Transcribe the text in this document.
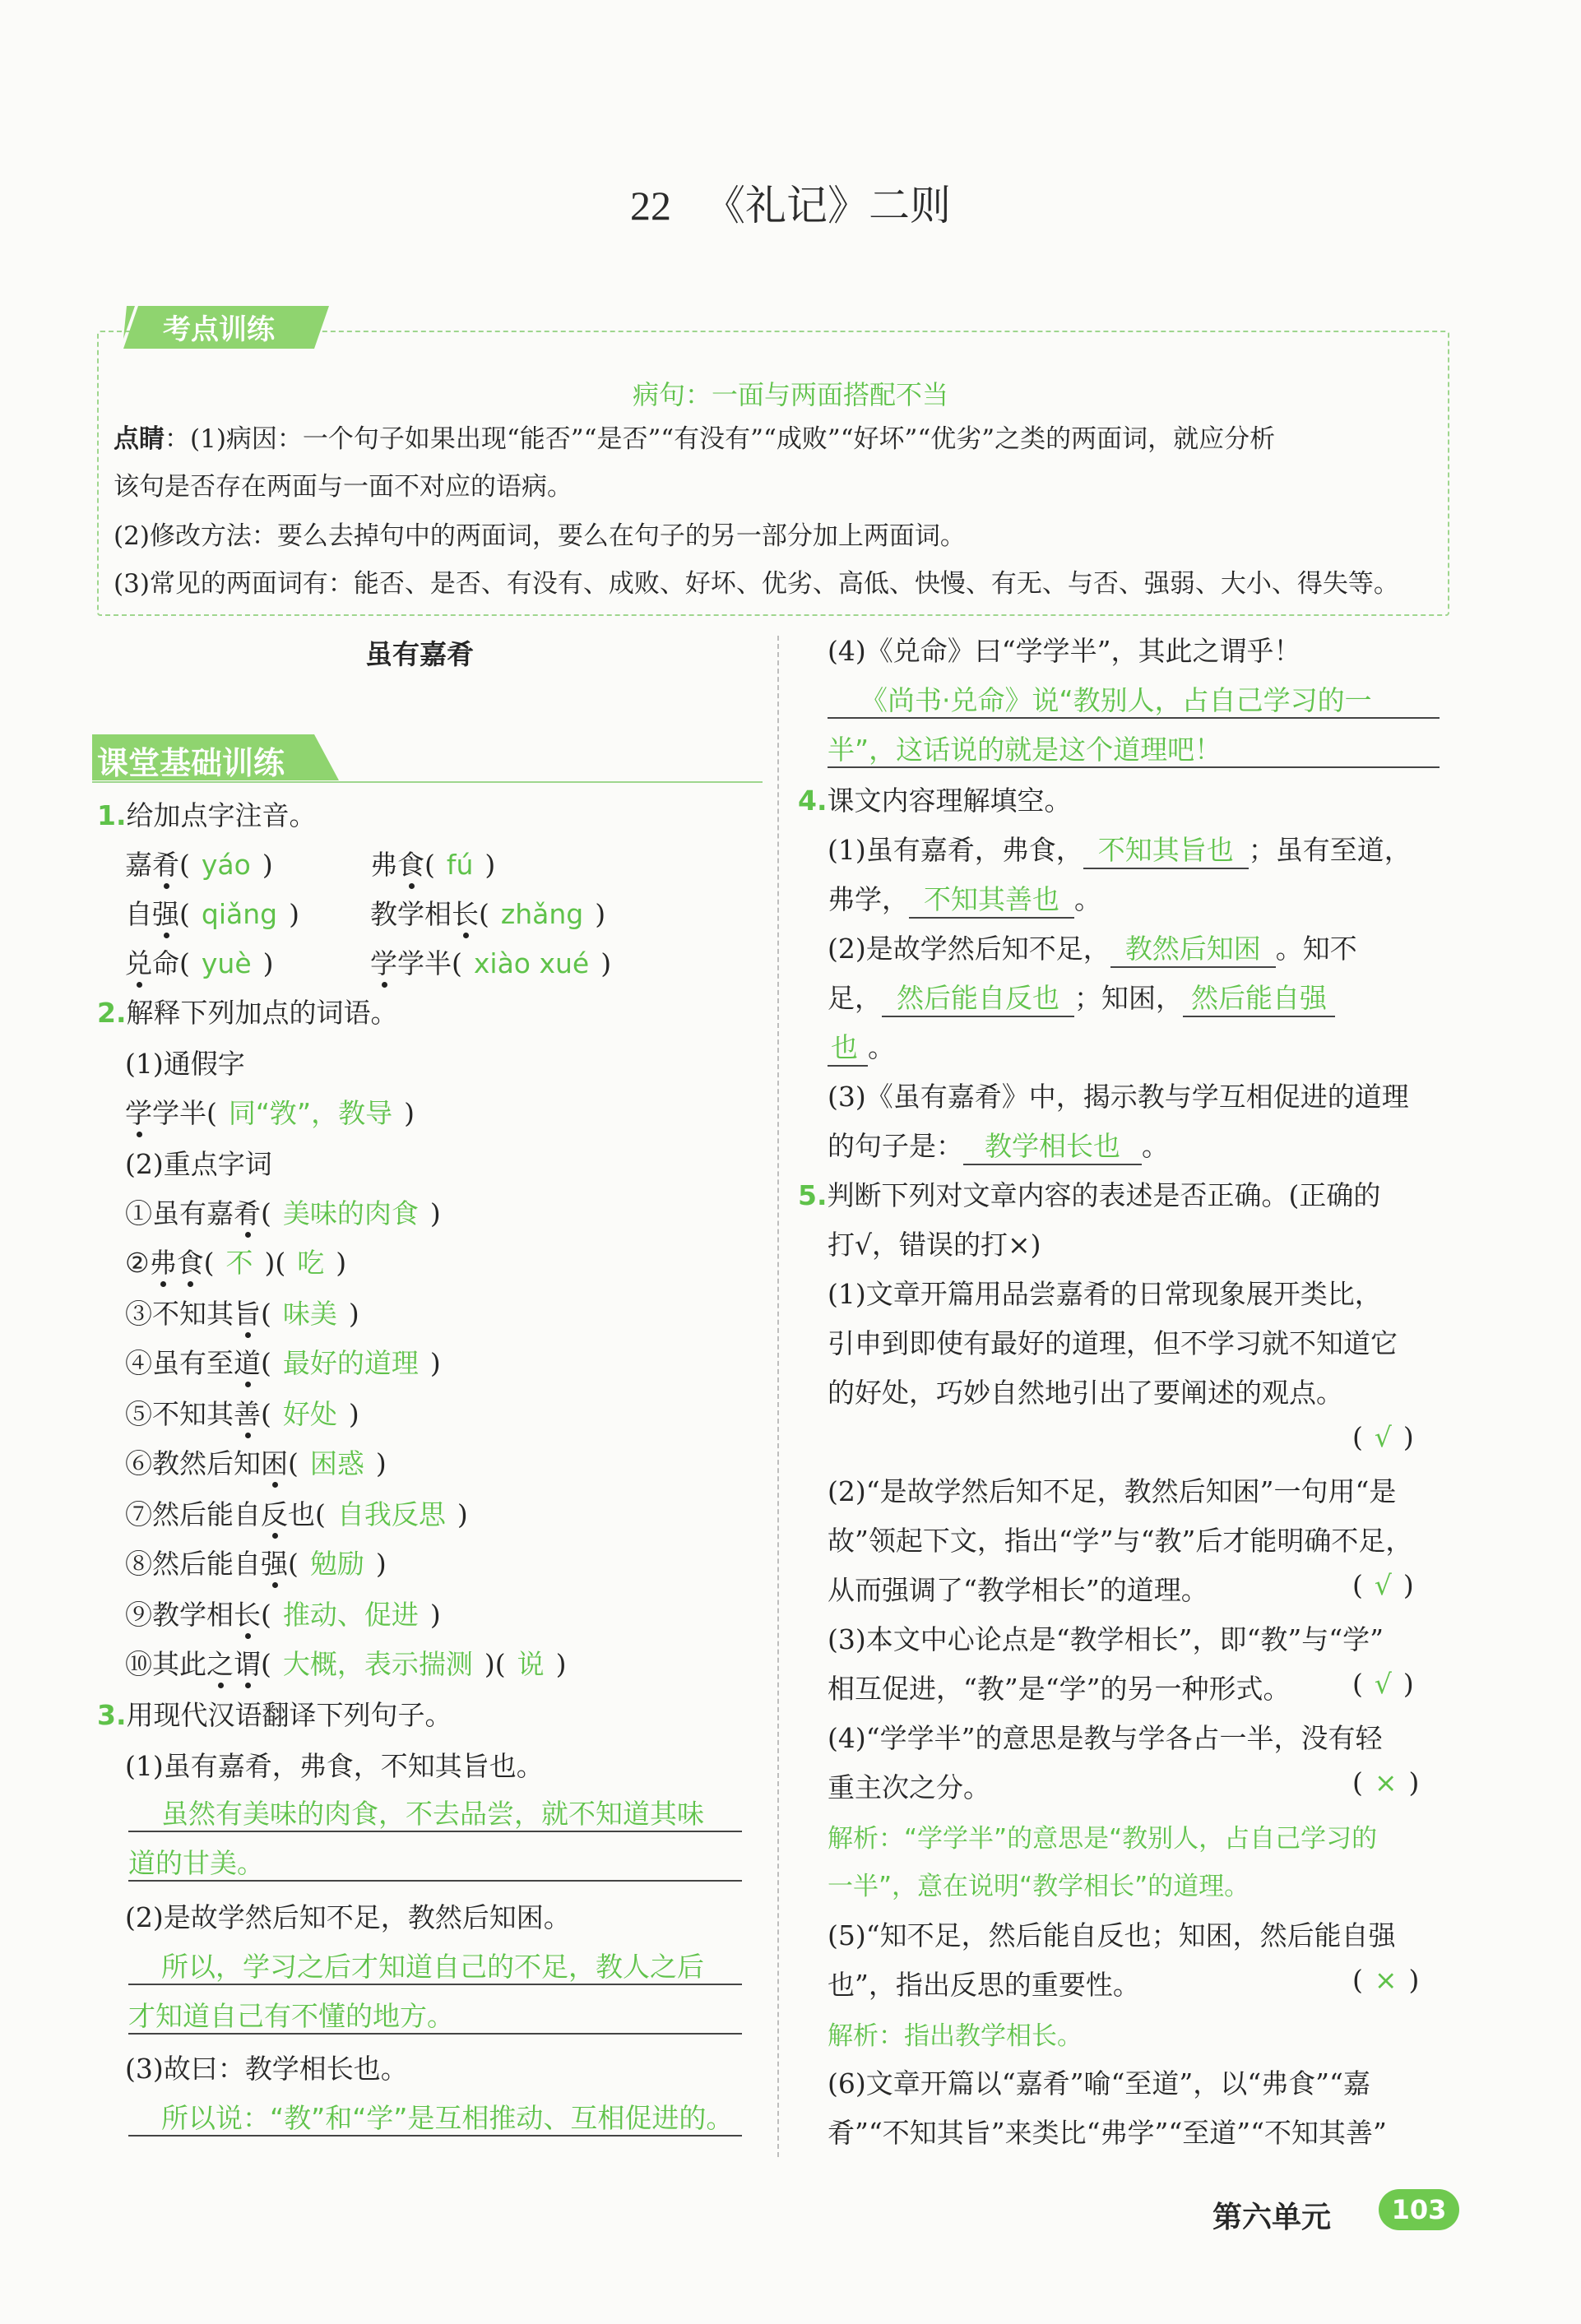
22 《礼记》二则
考点训练
病句：一面与两面搭配不当
点睛：(1)病因：一个句子如果出现“能否”“是否”“有没有”“成败”“好坏”“优劣”之类的两面词，就应分析
该句是否存在两面与一面不对应的语病。
(2)修改方法：要么去掉句中的两面词，要么在句子的另一部分加上两面词。
(3)常见的两面词有：能否、是否、有没有、成败、好坏、优劣、高低、快慢、有无、与否、强弱、大小、得失等。
虽有嘉肴
课堂基础训练
1.给加点字注音。
嘉肴( yáo )	弗食( fú )
自强( qiǎng )	教学相长( zhǎng )
兑命( yuè )	学学半( xiào xué )
2.解释下列加点的词语。
(1)通假字
学学半( 同“敩”，教导 )
(2)重点字词
①虽有嘉肴( 美味的肉食 )
②弗食( 不 )( 吃 )
③不知其旨( 味美 )
④虽有至道( 最好的道理 )
⑤不知其善( 好处 )
⑥教然后知困( 困惑 )
⑦然后能自反也( 自我反思 )
⑧然后能自强( 勉励 )
⑨教学相长( 推动、促进 )
⑩其此之谓( 大概，表示揣测 )( 说 )
3.用现代汉语翻译下列句子。
(1)虽有嘉肴，弗食，不知其旨也。
虽然有美味的肉食，不去品尝，就不知道其味
道的甘美。
(2)是故学然后知不足，教然后知困。
所以，学习之后才知道自己的不足，教人之后
才知道自己有不懂的地方。
(3)故曰：教学相长也。
所以说：“教”和“学”是互相推动、互相促进的。
(4)《兑命》曰“学学半”，其此之谓乎！
《尚书·兑命》说“教别人，占自己学习的一
半”，这话说的就是这个道理吧！
4.课文内容理解填空。
(1)虽有嘉肴，弗食， 不知其旨也 ；虽有至道，
弗学， 不知其善也 。
(2)是故学然后知不足， 教然后知困 。知不
足， 然后能自反也 ；知困， 然后能自强
也 。
(3)《虽有嘉肴》中，揭示教与学互相促进的道理
的句子是： 教学相长也 。
5.判断下列对文章内容的表述是否正确。(正确的
打√，错误的打×)
(1)文章开篇用品尝嘉肴的日常现象展开类比，
引申到即使有最好的道理，但不学习就不知道它
的好处，巧妙自然地引出了要阐述的观点。
( √ )
(2)“是故学然后知不足，教然后知困”一句用“是
故”领起下文，指出“学”与“教”后才能明确不足，
从而强调了“教学相长”的道理。	( √ )
(3)本文中心论点是“教学相长”，即“教”与“学”
相互促进，“教”是“学”的另一种形式。 ( √ )
(4)“学学半”的意思是教与学各占一半，没有轻
重主次之分。	( × )
解析：“学学半”的意思是“教别人，占自己学习的
一半”，意在说明“教学相长”的道理。
(5)“知不足，然后能自反也；知困，然后能自强
也”，指出反思的重要性。	( × )
解析：指出教学相长。
(6)文章开篇以“嘉肴”喻“至道”，以“弗食”“嘉
肴”“不知其旨”来类比“弗学”“至道”“不知其善”
第六单元	103
